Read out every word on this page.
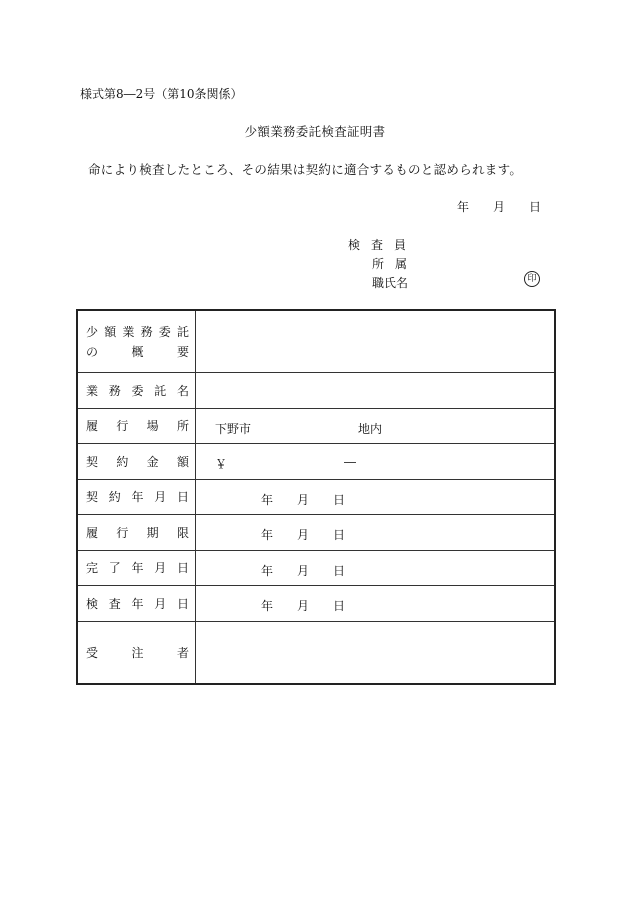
様式第8―2号（第10条関係）
少額業務委託検査証明書
命により検査したところ、その結果は契約に適合するものと認められます。
年 月 日
検査員
所属
職氏名	印
少 額 業 務 委 託
の	概	要
業 務 委 託 名
履 行 場 所 下野市	地内
契 約 金 額 ￥	―
契 約 年 月 日	年 月 日
履 行 期 限	年 月 日
完 了 年 月 日	年 月 日
検 査 年 月 日	年 月 日
受	注	者
